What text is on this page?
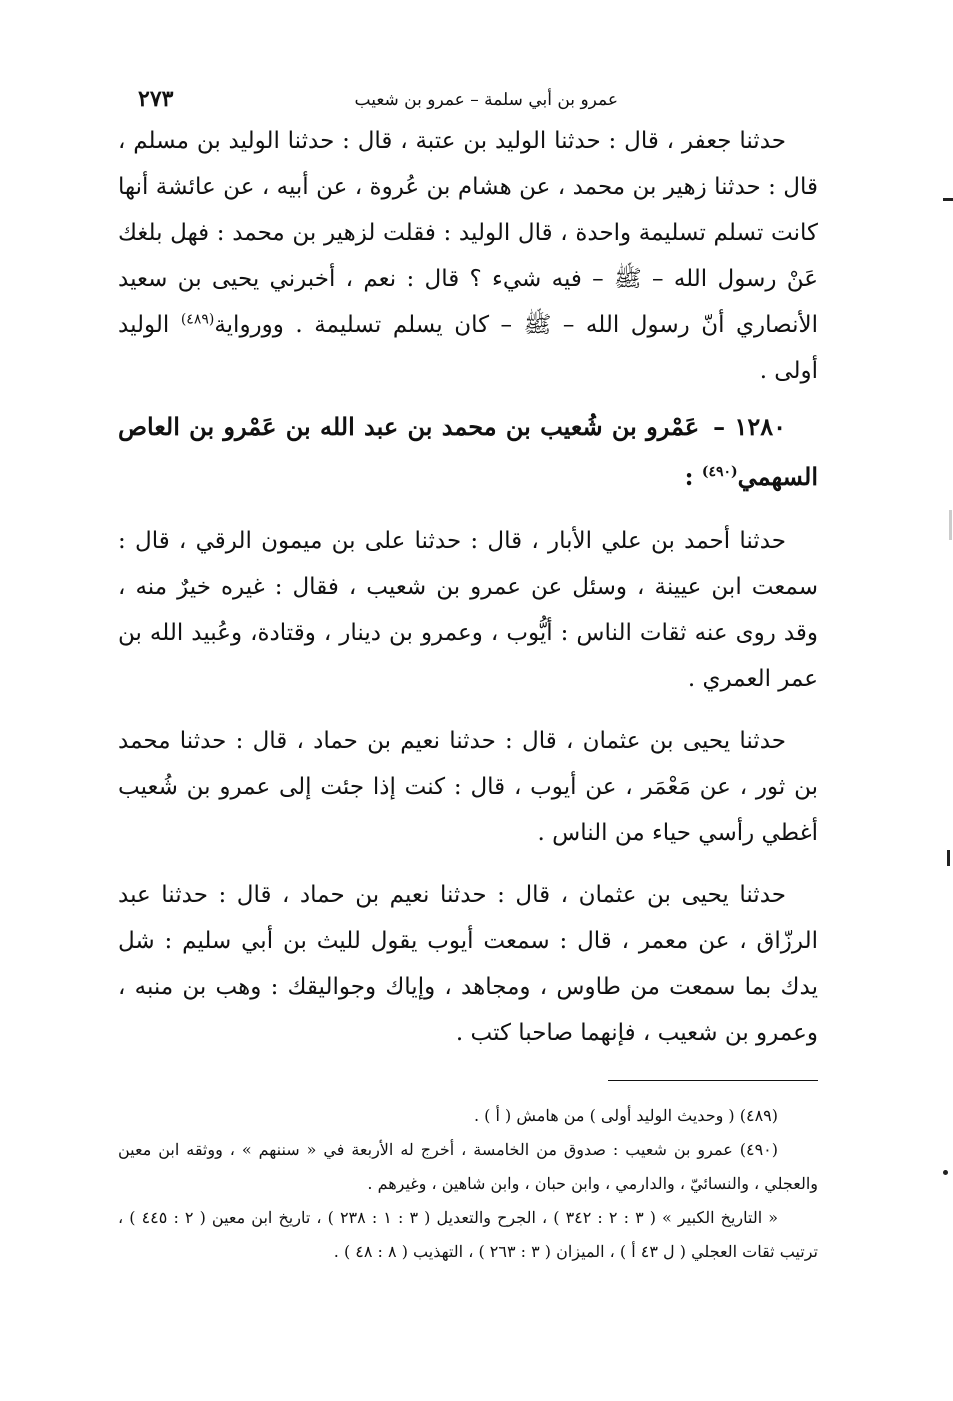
عمرو بن أبي سلمة – عمرو بن شعيب
٢٧٣

حدثنا جعفر ، قال : حدثنا الوليد بن عتبة ، قال : حدثنا الوليد بن مسلم ، قال : حدثنا زهير بن محمد ، عن هشام بن عُروة ، عن أبيه ، عن عائشة أنها كانت تسلم تسليمة واحدة ، قال الوليد : فقلت لزهير بن محمد : فهل بلغك عَنْ رسول الله – ﷺ – فيه شيء ؟ قال : نعم ، أخبرني يحيى بن سعيد الأنصاري أنّ رسول الله – ﷺ – كان يسلم تسليمة . وورواية$^{(٤٨٩)}$ الوليد أولى .

١٢٨٠ –عَمْرو بن شُعيب بن محمد بن عبد الله بن عَمْرو بن العاص السهمي$^{(٤٩٠)}$ :

حدثنا أحمد بن علي الأبار ، قال : حدثنا على بن ميمون الرقي ، قال : سمعت ابن عيينة ، وسئل عن عمرو بن شعيب ، فقال : غيره خيرٌ منه ، وقد روى عنه ثقات الناس : أيُّوب ، وعمرو بن دينار ، وقتادة، وعُبيد الله بن عمر العمري .

حدثنا يحيى بن عثمان ، قال : حدثنا نعيم بن حماد ، قال : حدثنا محمد بن ثور ، عن مَعْمَر ، عن أيوب ، قال : كنت إذا جئت إلى عمرو بن شُعيب أغطي رأسي حياء من الناس .

حدثنا يحيى بن عثمان ، قال : حدثنا نعيم بن حماد ، قال : حدثنا عبد الرزّاق ، عن معمر ، قال : سمعت أيوب يقول لليث بن أبي سليم : شل يدك بما سمعت من طاوس ، ومجاهد ، وإياك وجواليقك : وهب بن منبه ، وعمرو بن شعيب ، فإنهما صاحبا كتب .

(٤٨٩) ( وحديث الوليد أولى ) من هامش ( أ ) .

(٤٩٠) عمرو بن شعيب : صدوق من الخامسة ، أخرج له الأربعة في « سننهم » ، ووثقه ابن معين والعجلي ، والنسائيّ ، والدارمي ، وابن حبان ، وابن شاهين ، وغيرهم .

« التاريخ الكبير » ( ٣ : ٢ : ٣٤٢ ) ، الجرح والتعديل ( ٣ : ١ : ٢٣٨ ) ، تاريخ ابن معين ( ٢ : ٤٤٥ ) ، ترتيب ثقات العجلي ( ل ٤٣ أ ) ، الميزان ( ٣ : ٢٦٣ ) ، التهذيب ( ٨ : ٤٨ ) .
